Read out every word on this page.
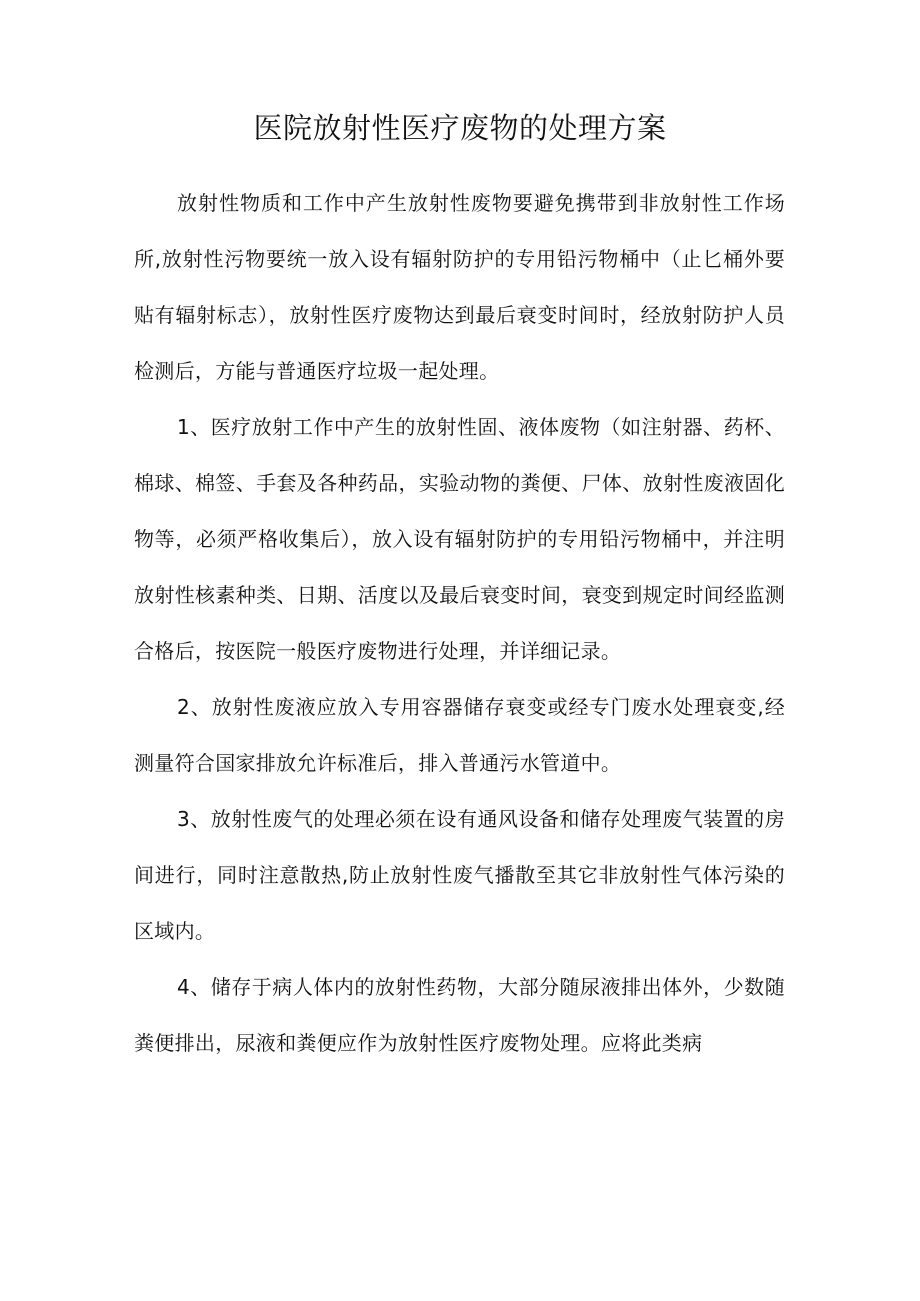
医院放射性医疗废物的处理方案

放射性物质和工作中产生放射性废物要避免携带到非放射性工作场所,放射性污物要统一放入设有辐射防护的专用铅污物桶中（止匕桶外要贴有辐射标志），放射性医疗废物达到最后衰变时间时，经放射防护人员检测后，方能与普通医疗垃圾一起处理。

1、医疗放射工作中产生的放射性固、液体废物（如注射器、药杯、棉球、棉签、手套及各种药品，实验动物的粪便、尸体、放射性废液固化物等，必须严格收集后），放入设有辐射防护的专用铅污物桶中，并注明放射性核素种类、日期、活度以及最后衰变时间，衰变到规定时间经监测合格后，按医院一般医疗废物进行处理，并详细记录。

2、放射性废液应放入专用容器储存衰变或经专门废水处理衰变,经测量符合国家排放允许标准后，排入普通污水管道中。

3、放射性废气的处理必须在设有通风设备和储存处理废气装置的房间进行，同时注意散热,防止放射性废气播散至其它非放射性气体污染的区域内。

4、储存于病人体内的放射性药物，大部分随尿液排出体外，少数随粪便排出，尿液和粪便应作为放射性医疗废物处理。应将此类病
